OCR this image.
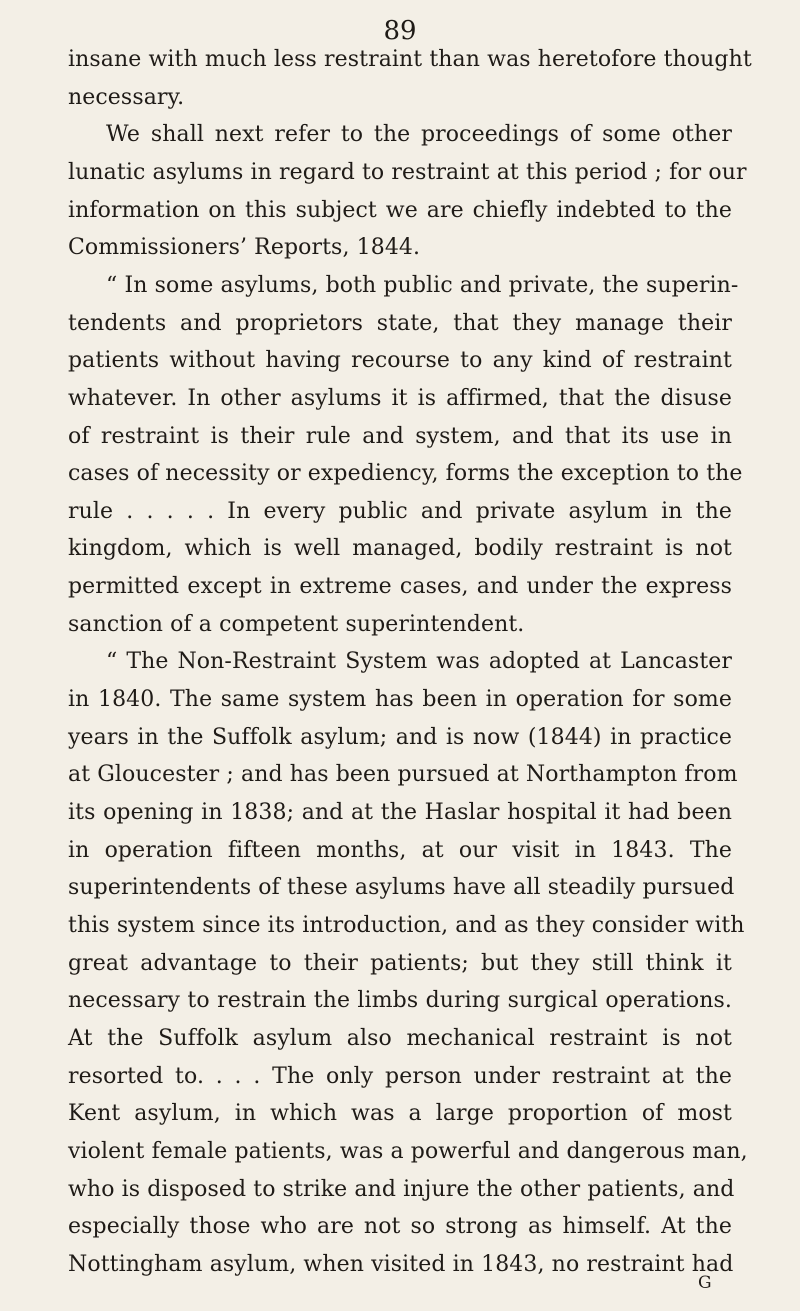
89
insane with much less restraint than was heretofore thought
necessary.
We shall next refer to the proceedings of some other
lunatic asylums in regard to restraint at this period ; for our
information on this subject we are chiefly indebted to the
Commissioners’ Reports, 1844.
“ In some asylums, both public and private, the superin-
tendents and proprietors state, that they manage their
patients without having recourse to any kind of restraint
whatever. In other asylums it is affirmed, that the disuse
of restraint is their rule and system, and that its use in
cases of necessity or expediency, forms the exception to the
rule . . . . . In every public and private asylum in the
kingdom, which is well managed, bodily restraint is not
permitted except in extreme cases, and under the express
sanction of a competent superintendent.
“ The Non-Restraint System was adopted at Lancaster
in 1840. The same system has been in operation for some
years in the Suffolk asylum; and is now (1844) in practice
at Gloucester ; and has been pursued at Northampton from
its opening in 1838; and at the Haslar hospital it had been
in operation fifteen months, at our visit in 1843. The
superintendents of these asylums have all steadily pursued
this system since its introduction, and as they consider with
great advantage to their patients; but they still think it
necessary to restrain the limbs during surgical operations.
At the Suffolk asylum also mechanical restraint is not
resorted to. . . . The only person under restraint at the
Kent asylum, in which was a large proportion of most
violent female patients, was a powerful and dangerous man,
who is disposed to strike and injure the other patients, and
especially those who are not so strong as himself. At the
Nottingham asylum, when visited in 1843, no restraint had
G
